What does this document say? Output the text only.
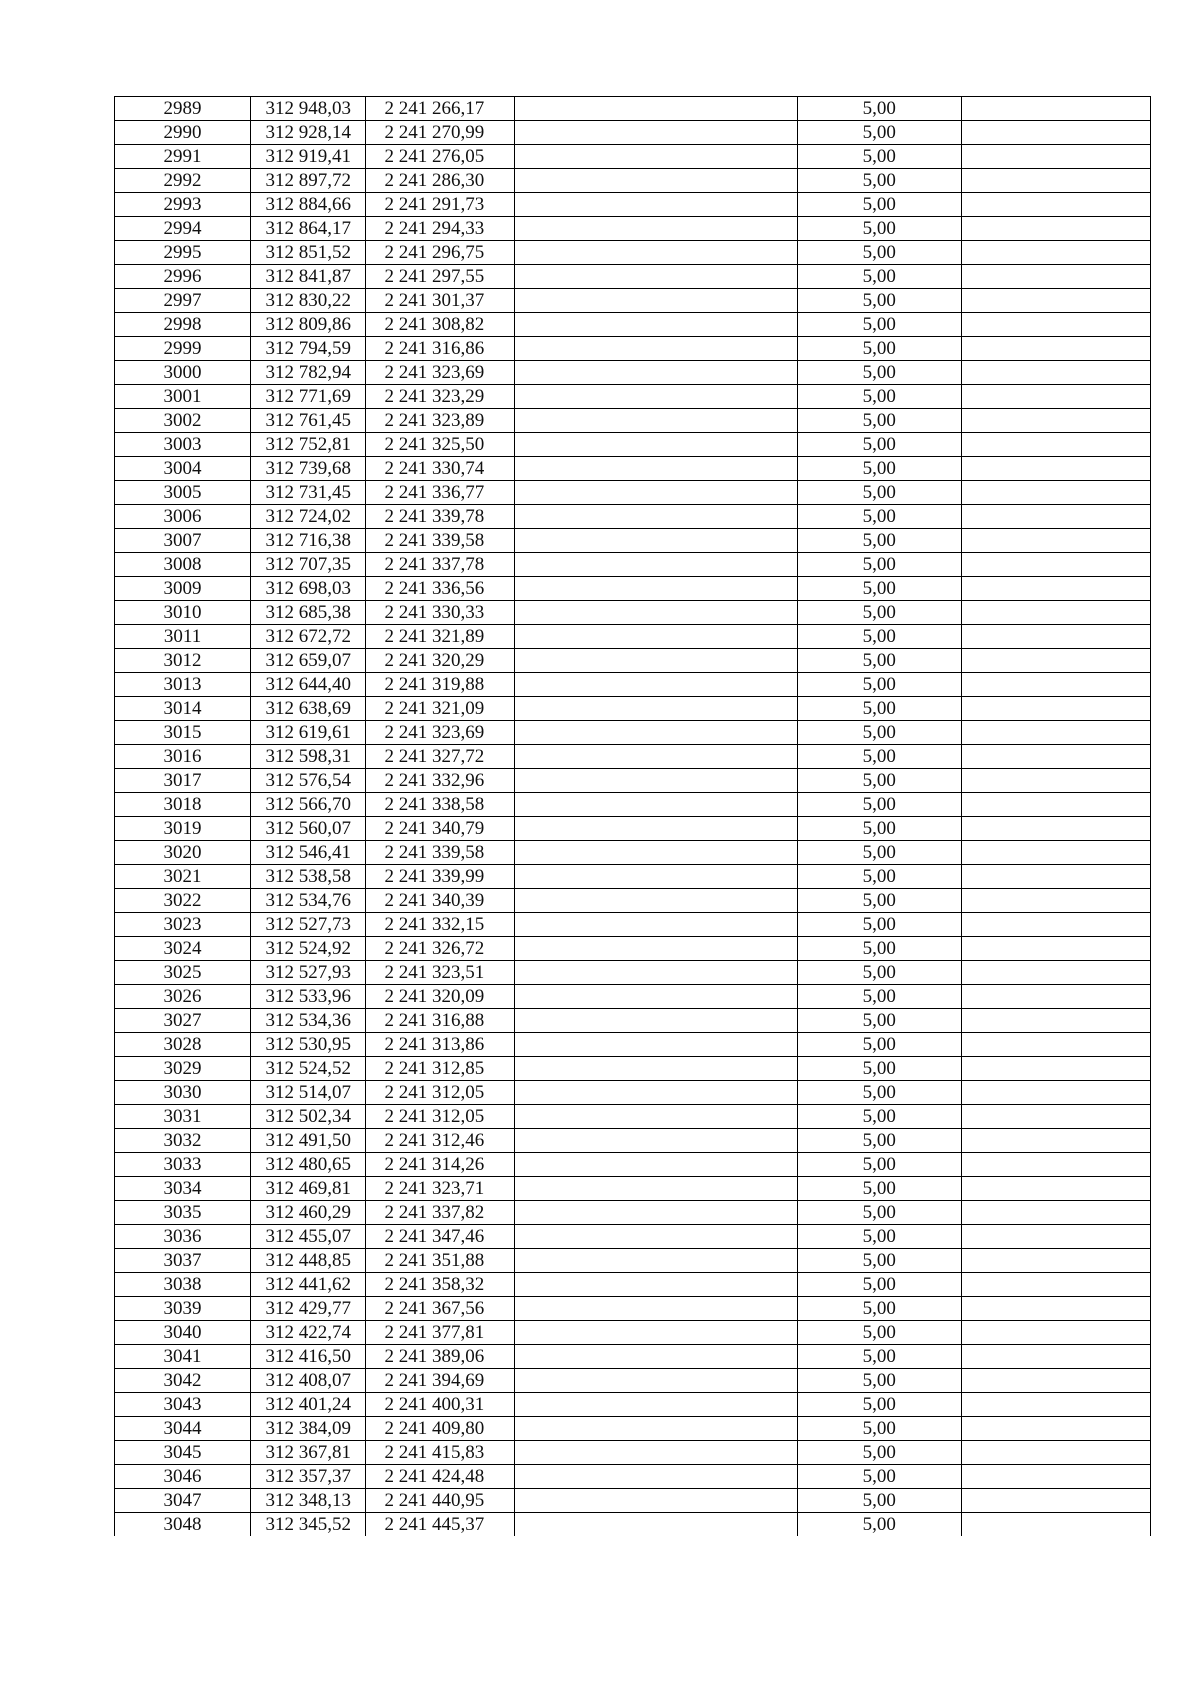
2989	312 948,03	2 241 266,17		5,00	
2990	312 928,14	2 241 270,99		5,00	
2991	312 919,41	2 241 276,05		5,00	
2992	312 897,72	2 241 286,30		5,00	
2993	312 884,66	2 241 291,73		5,00	
2994	312 864,17	2 241 294,33		5,00	
2995	312 851,52	2 241 296,75		5,00	
2996	312 841,87	2 241 297,55		5,00	
2997	312 830,22	2 241 301,37		5,00	
2998	312 809,86	2 241 308,82		5,00	
2999	312 794,59	2 241 316,86		5,00	
3000	312 782,94	2 241 323,69		5,00	
3001	312 771,69	2 241 323,29		5,00	
3002	312 761,45	2 241 323,89		5,00	
3003	312 752,81	2 241 325,50		5,00	
3004	312 739,68	2 241 330,74		5,00	
3005	312 731,45	2 241 336,77		5,00	
3006	312 724,02	2 241 339,78		5,00	
3007	312 716,38	2 241 339,58		5,00	
3008	312 707,35	2 241 337,78		5,00	
3009	312 698,03	2 241 336,56		5,00	
3010	312 685,38	2 241 330,33		5,00	
3011	312 672,72	2 241 321,89		5,00	
3012	312 659,07	2 241 320,29		5,00	
3013	312 644,40	2 241 319,88		5,00	
3014	312 638,69	2 241 321,09		5,00	
3015	312 619,61	2 241 323,69		5,00	
3016	312 598,31	2 241 327,72		5,00	
3017	312 576,54	2 241 332,96		5,00	
3018	312 566,70	2 241 338,58		5,00	
3019	312 560,07	2 241 340,79		5,00	
3020	312 546,41	2 241 339,58		5,00	
3021	312 538,58	2 241 339,99		5,00	
3022	312 534,76	2 241 340,39		5,00	
3023	312 527,73	2 241 332,15		5,00	
3024	312 524,92	2 241 326,72		5,00	
3025	312 527,93	2 241 323,51		5,00	
3026	312 533,96	2 241 320,09		5,00	
3027	312 534,36	2 241 316,88		5,00	
3028	312 530,95	2 241 313,86		5,00	
3029	312 524,52	2 241 312,85		5,00	
3030	312 514,07	2 241 312,05		5,00	
3031	312 502,34	2 241 312,05		5,00	
3032	312 491,50	2 241 312,46		5,00	
3033	312 480,65	2 241 314,26		5,00	
3034	312 469,81	2 241 323,71		5,00	
3035	312 460,29	2 241 337,82		5,00	
3036	312 455,07	2 241 347,46		5,00	
3037	312 448,85	2 241 351,88		5,00	
3038	312 441,62	2 241 358,32		5,00	
3039	312 429,77	2 241 367,56		5,00	
3040	312 422,74	2 241 377,81		5,00	
3041	312 416,50	2 241 389,06		5,00	
3042	312 408,07	2 241 394,69		5,00	
3043	312 401,24	2 241 400,31		5,00	
3044	312 384,09	2 241 409,80		5,00	
3045	312 367,81	2 241 415,83		5,00	
3046	312 357,37	2 241 424,48		5,00	
3047	312 348,13	2 241 440,95		5,00	
3048	312 345,52	2 241 445,37		5,00	
